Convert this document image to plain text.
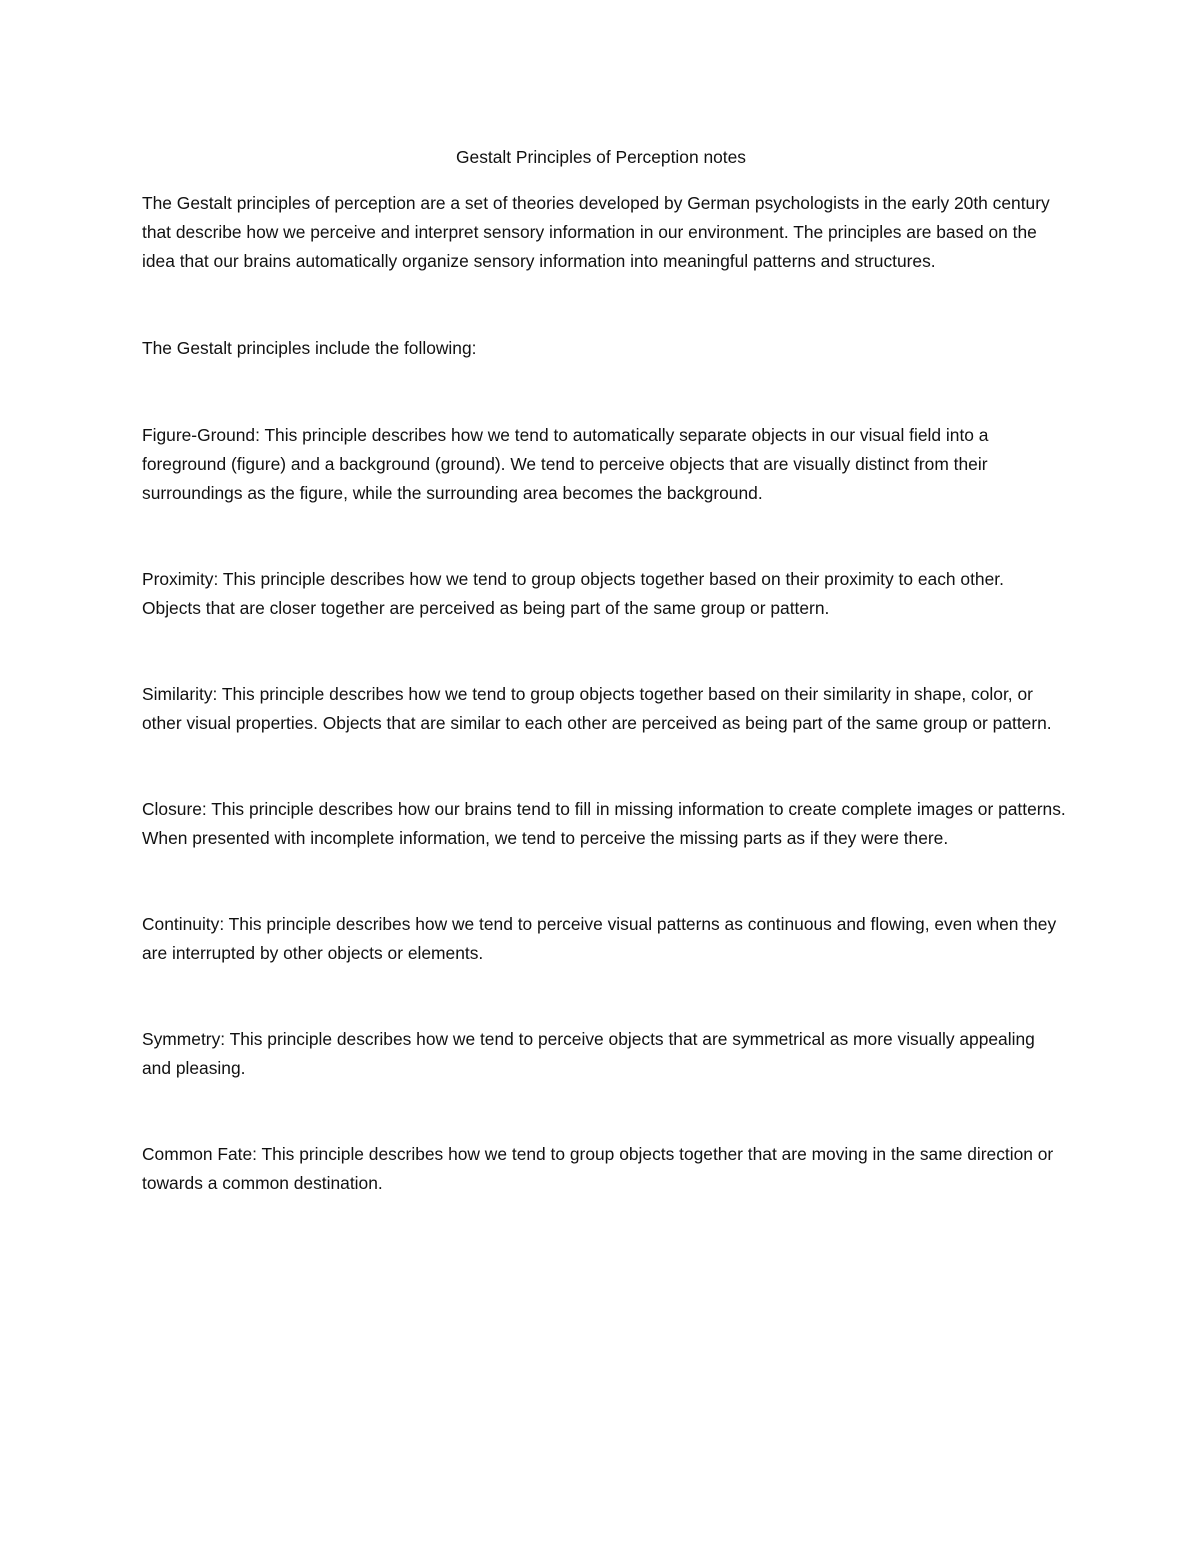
Gestalt Principles of Perception notes

The Gestalt principles of perception are a set of theories developed by German psychologists in the early 20th century that describe how we perceive and interpret sensory information in our environment. The principles are based on the idea that our brains automatically organize sensory information into meaningful patterns and structures.

The Gestalt principles include the following:

Figure-Ground: This principle describes how we tend to automatically separate objects in our visual field into a foreground (figure) and a background (ground). We tend to perceive objects that are visually distinct from their surroundings as the figure, while the surrounding area becomes the background.

Proximity: This principle describes how we tend to group objects together based on their proximity to each other. Objects that are closer together are perceived as being part of the same group or pattern.

Similarity: This principle describes how we tend to group objects together based on their similarity in shape, color, or other visual properties. Objects that are similar to each other are perceived as being part of the same group or pattern.

Closure: This principle describes how our brains tend to fill in missing information to create complete images or patterns. When presented with incomplete information, we tend to perceive the missing parts as if they were there.

Continuity: This principle describes how we tend to perceive visual patterns as continuous and flowing, even when they are interrupted by other objects or elements.

Symmetry: This principle describes how we tend to perceive objects that are symmetrical as more visually appealing and pleasing.

Common Fate: This principle describes how we tend to group objects together that are moving in the same direction or towards a common destination.
